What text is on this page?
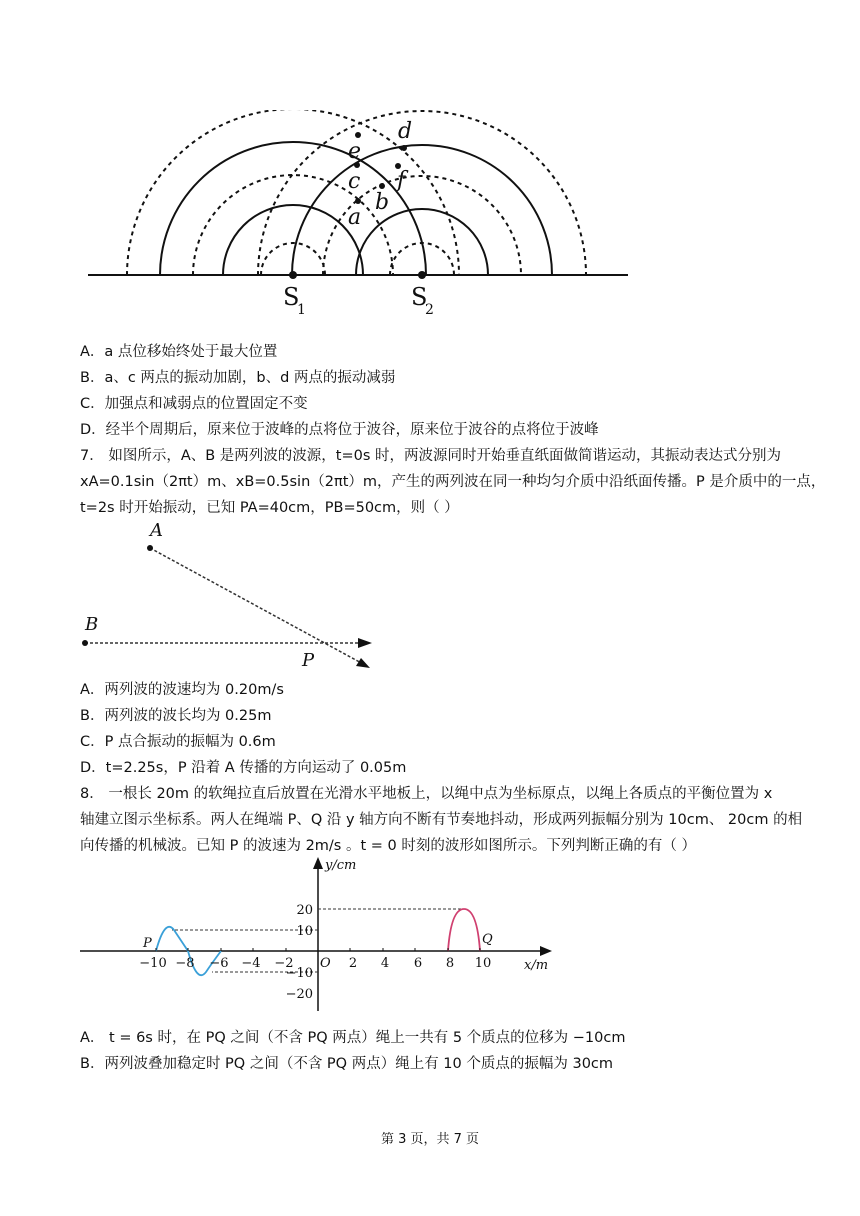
a
b
c
e
d
f
S
1	S
2
A．a 点位移始终处于最大位置
B．a、c 两点的振动加剧，b、d 两点的振动减弱
C．加强点和减弱点的位置固定不变
D．经半个周期后，原来位于波峰的点将位于波谷，原来位于波谷的点将位于波峰
7． 如图所示，A、B 是两列波的波源，t=0s 时，两波源同时开始垂直纸面做简谐运动，其振动表达式分别为
xA=0.1sin（2πt）m、xB=0.5sin（2πt）m，产生的两列波在同一种均匀介质中沿纸面传播。P 是介质中的一点，
t=2s 时开始振动，已知 PA=40cm，PB=50cm，则（ ）
A
B
P
A．两列波的波速均为 0.20m/s
B．两列波的波长均为 0.25m
C．P 点合振动的振幅为 0.6m
D．t=2.25s，P 沿着 A 传播的方向运动了 0.05m
8． 一根长 20m 的软绳拉直后放置在光滑水平地板上，以绳中点为坐标原点，以绳上各质点的平衡位置为 x
轴建立图示坐标系。两人在绳端 P、Q 沿 y 轴方向不断有节奏地抖动，形成两列振幅分别为 10cm、 20cm 的相
向传播的机械波。已知 P 的波速为 2m/s 。t = 0 时刻的波形如图所示。下列判断正确的有（ ）
−10 −8 −6 −4 −2	2 4 6 8 10
20
10
−10
−20
y/cm
x/m
O
P	Q
A． t = 6s 时，在 PQ 之间（不含 PQ 两点）绳上一共有 5 个质点的位移为 −10cm
B．两列波叠加稳定时 PQ 之间（不含 PQ 两点）绳上有 10 个质点的振幅为 30cm
第 3 页，共 7 页
